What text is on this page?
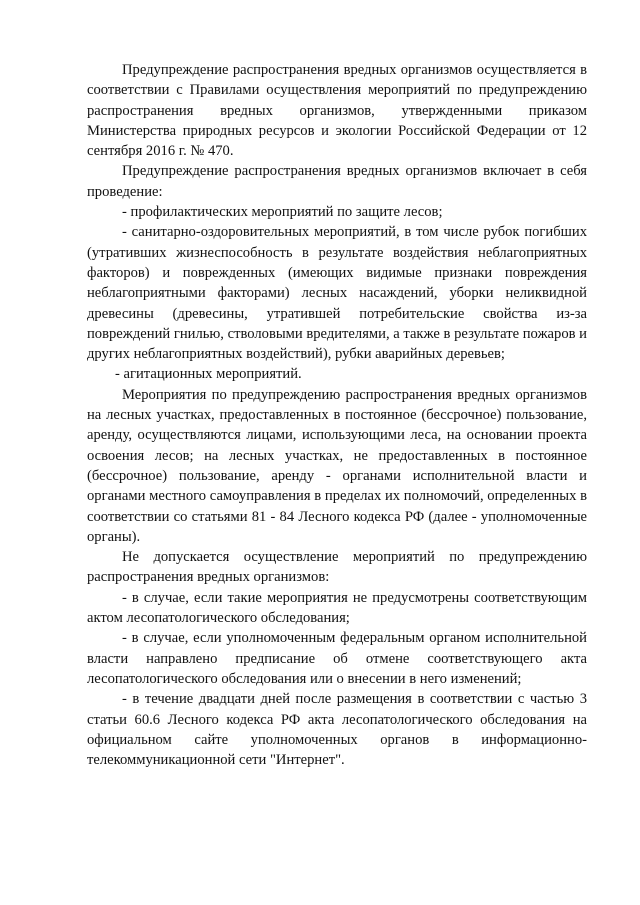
Предупреждение распространения вредных организмов осуществляется в соответствии с Правилами осуществления мероприятий по предупреждению распространения вредных организмов, утвержденными приказом Министерства природных ресурсов и экологии Российской Федерации от 12 сентября 2016 г. № 470.

Предупреждение распространения вредных организмов включает в себя проведение:

- профилактических мероприятий по защите лесов;

- санитарно-оздоровительных мероприятий, в том числе рубок погибших (утративших жизнеспособность в результате воздействия неблагоприятных факторов) и поврежденных (имеющих видимые признаки повреждения неблагоприятными факторами) лесных насаждений, уборки неликвидной древесины (древесины, утратившей потребительские свойства из-за повреждений гнилью, стволовыми вредителями, а также в результате пожаров и других неблагоприятных воздействий), рубки аварийных деревьев;

- агитационных мероприятий.

Мероприятия по предупреждению распространения вредных организмов на лесных участках, предоставленных в постоянное (бессрочное) пользование, аренду, осуществляются лицами, использующими леса, на основании проекта освоения лесов; на лесных участках, не предоставленных в постоянное (бессрочное) пользование, аренду - органами исполнительной власти и органами местного самоуправления в пределах их полномочий, определенных в соответствии со статьями 81 - 84 Лесного кодекса РФ (далее - уполномоченные органы).

Не допускается осуществление мероприятий по предупреждению распространения вредных организмов:

- в случае, если такие мероприятия не предусмотрены соответствующим актом лесопатологического обследования;

- в случае, если уполномоченным федеральным органом исполнительной власти направлено предписание об отмене соответствующего акта лесопатологического обследования или о внесении в него изменений;

- в течение двадцати дней после размещения в соответствии с частью 3 статьи 60.6 Лесного кодекса РФ акта лесопатологического обследования на официальном сайте уполномоченных органов в информационно-телекоммуникационной сети "Интернет".
